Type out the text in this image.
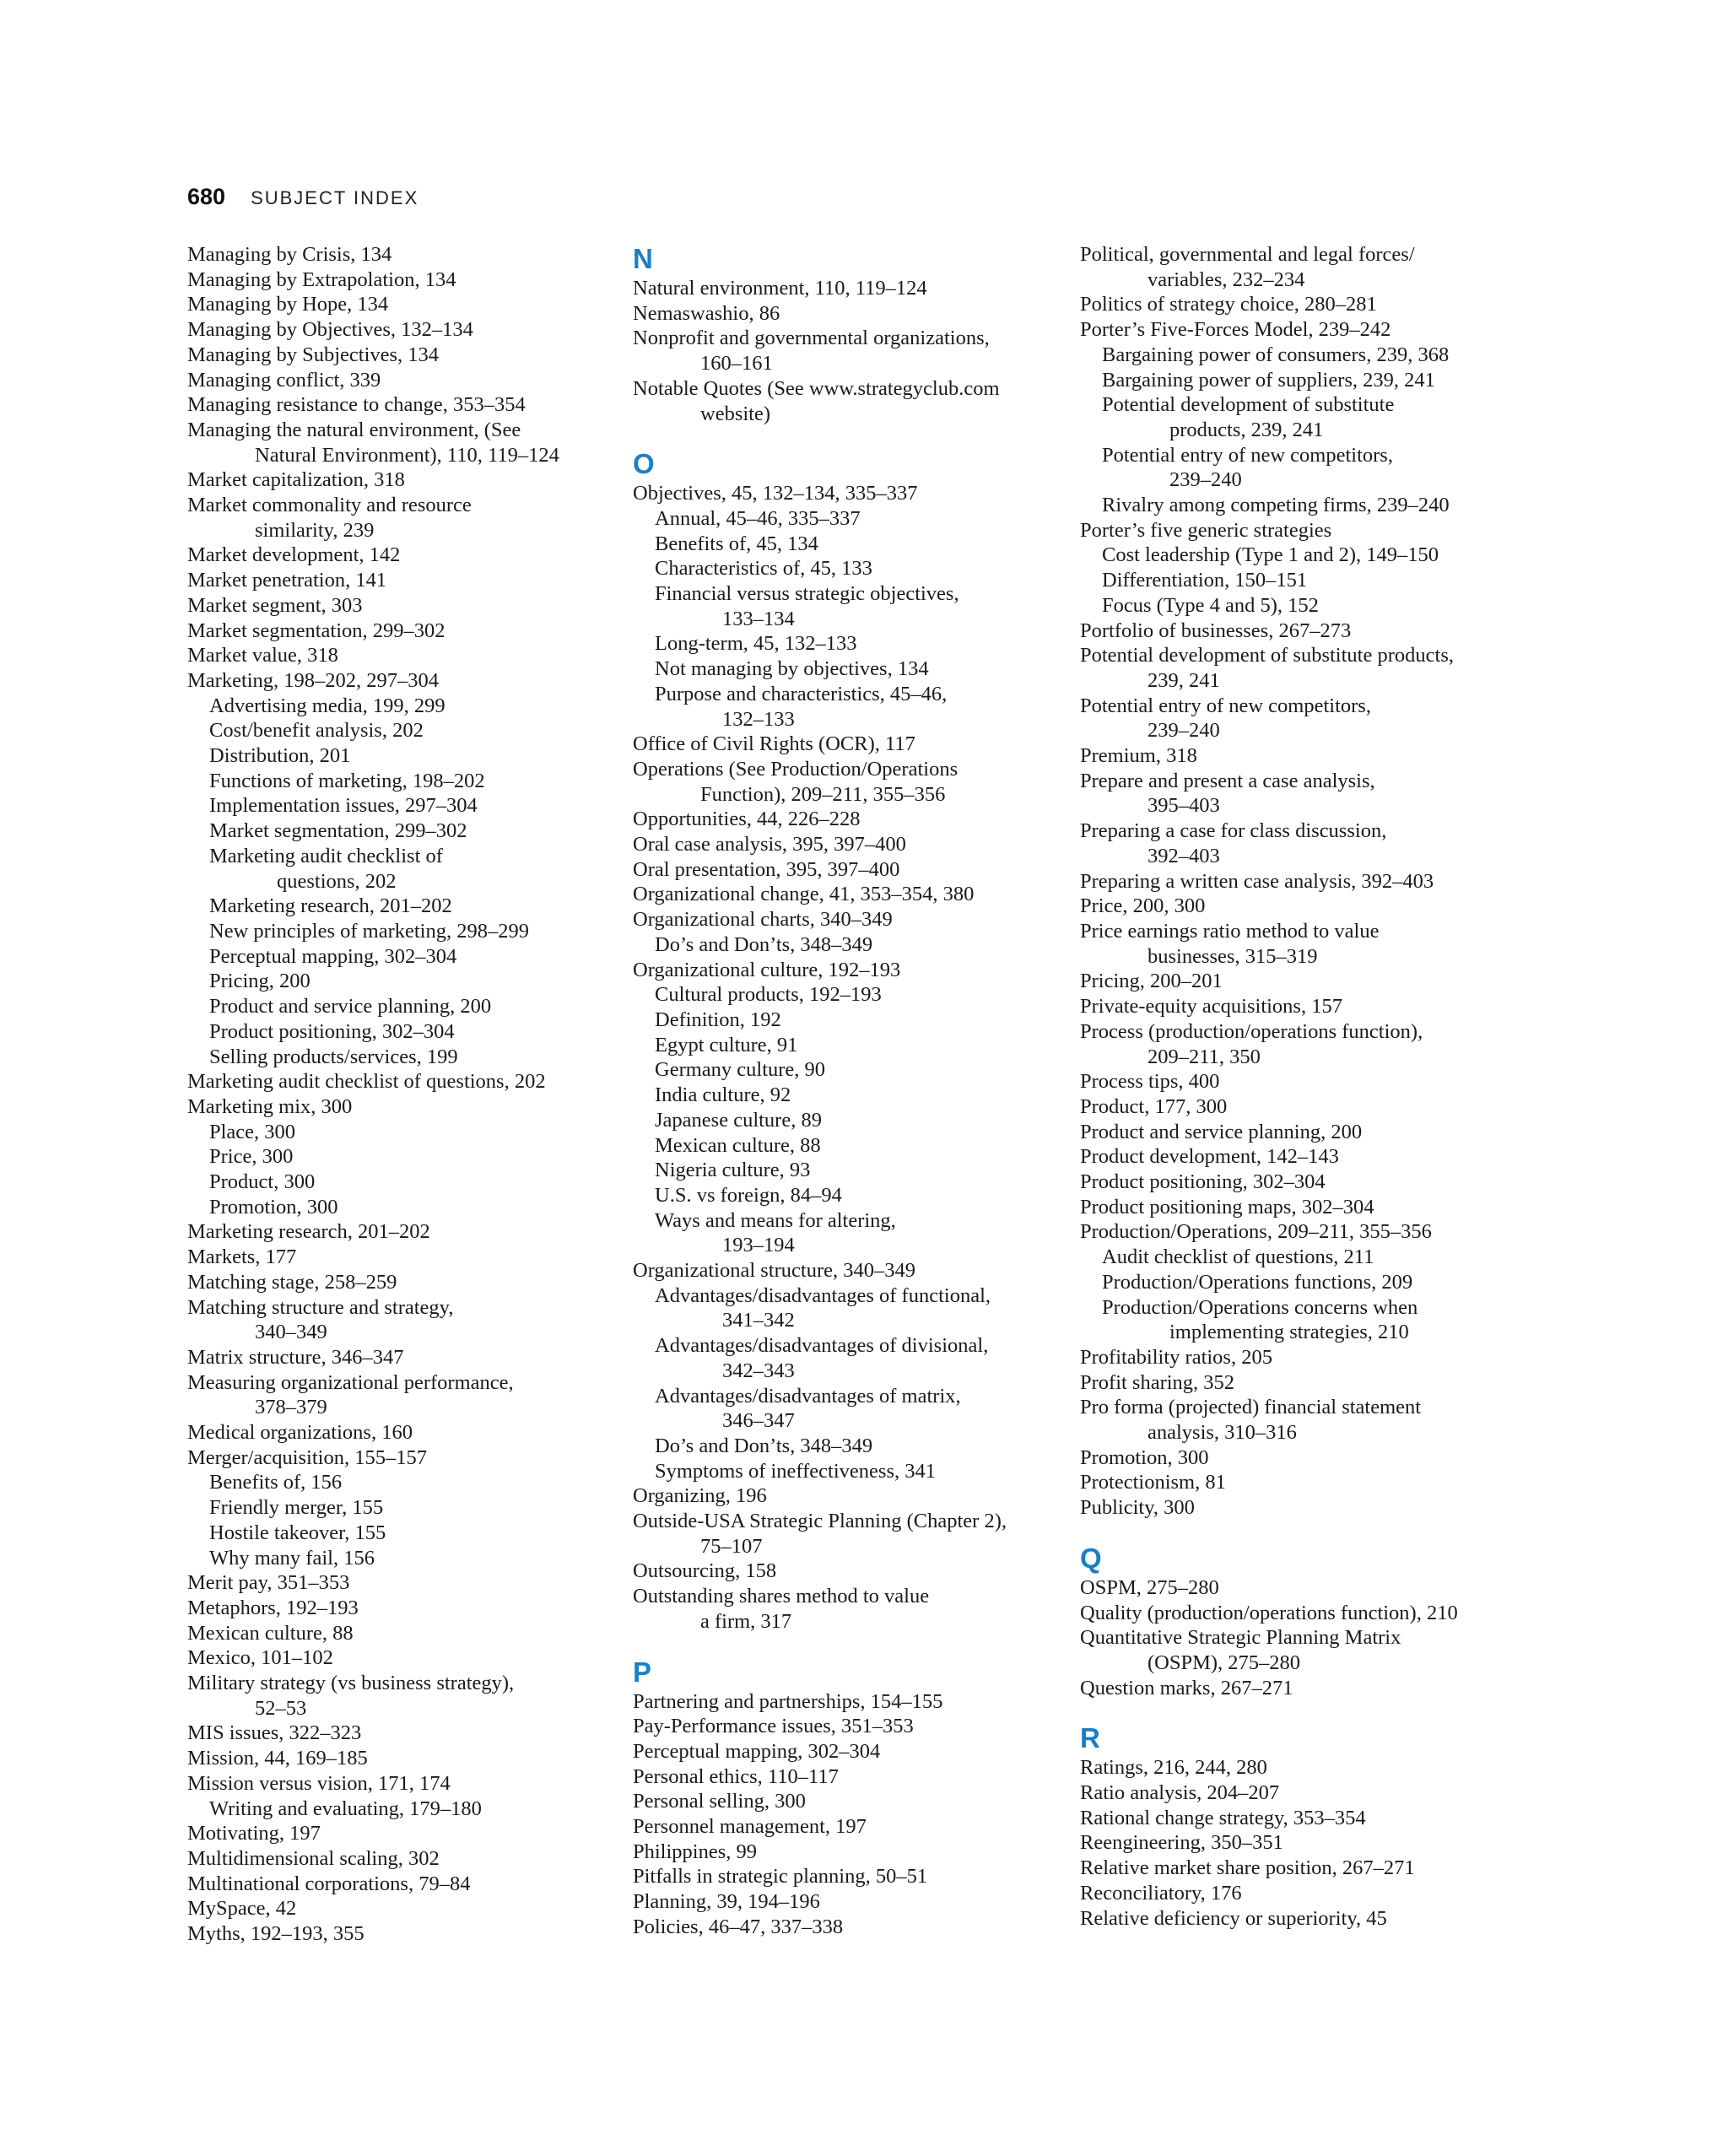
680 SUBJECT INDEX
Managing by Crisis, 134
Managing by Extrapolation, 134
Managing by Hope, 134
Managing by Objectives, 132–134
Managing by Subjectives, 134
Managing conflict, 339
Managing resistance to change, 353–354
Managing the natural environment, (See
Natural Environment), 110, 119–124
Market capitalization, 318
Market commonality and resource
similarity, 239
Market development, 142
Market penetration, 141
Market segment, 303
Market segmentation, 299–302
Market value, 318
Marketing, 198–202, 297–304
Advertising media, 199, 299
Cost/benefit analysis, 202
Distribution, 201
Functions of marketing, 198–202
Implementation issues, 297–304
Market segmentation, 299–302
Marketing audit checklist of
questions, 202
Marketing research, 201–202
New principles of marketing, 298–299
Perceptual mapping, 302–304
Pricing, 200
Product and service planning, 200
Product positioning, 302–304
Selling products/services, 199
Marketing audit checklist of questions, 202
Marketing mix, 300
Place, 300
Price, 300
Product, 300
Promotion, 300
Marketing research, 201–202
Markets, 177
Matching stage, 258–259
Matching structure and strategy,
340–349
Matrix structure, 346–347
Measuring organizational performance,
378–379
Medical organizations, 160
Merger/acquisition, 155–157
Benefits of, 156
Friendly merger, 155
Hostile takeover, 155
Why many fail, 156
Merit pay, 351–353
Metaphors, 192–193
Mexican culture, 88
Mexico, 101–102
Military strategy (vs business strategy),
52–53
MIS issues, 322–323
Mission, 44, 169–185
Mission versus vision, 171, 174
Writing and evaluating, 179–180
Motivating, 197
Multidimensional scaling, 302
Multinational corporations, 79–84
MySpace, 42
Myths, 192–193, 355
N
Natural environment, 110, 119–124
Nemaswashio, 86
Nonprofit and governmental organizations,
160–161
Notable Quotes (See www.strategyclub.com
website)
O
Objectives, 45, 132–134, 335–337
Annual, 45–46, 335–337
Benefits of, 45, 134
Characteristics of, 45, 133
Financial versus strategic objectives,
133–134
Long-term, 45, 132–133
Not managing by objectives, 134
Purpose and characteristics, 45–46,
132–133
Office of Civil Rights (OCR), 117
Operations (See Production/Operations
Function), 209–211, 355–356
Opportunities, 44, 226–228
Oral case analysis, 395, 397–400
Oral presentation, 395, 397–400
Organizational change, 41, 353–354, 380
Organizational charts, 340–349
Do’s and Don’ts, 348–349
Organizational culture, 192–193
Cultural products, 192–193
Definition, 192
Egypt culture, 91
Germany culture, 90
India culture, 92
Japanese culture, 89
Mexican culture, 88
Nigeria culture, 93
U.S. vs foreign, 84–94
Ways and means for altering,
193–194
Organizational structure, 340–349
Advantages/disadvantages of functional,
341–342
Advantages/disadvantages of divisional,
342–343
Advantages/disadvantages of matrix,
346–347
Do’s and Don’ts, 348–349
Symptoms of ineffectiveness, 341
Organizing, 196
Outside-USA Strategic Planning (Chapter 2),
75–107
Outsourcing, 158
Outstanding shares method to value
a firm, 317
P
Partnering and partnerships, 154–155
Pay-Performance issues, 351–353
Perceptual mapping, 302–304
Personal ethics, 110–117
Personal selling, 300
Personnel management, 197
Philippines, 99
Pitfalls in strategic planning, 50–51
Planning, 39, 194–196
Policies, 46–47, 337–338
Political, governmental and legal forces/
variables, 232–234
Politics of strategy choice, 280–281
Porter’s Five-Forces Model, 239–242
Bargaining power of consumers, 239, 368
Bargaining power of suppliers, 239, 241
Potential development of substitute
products, 239, 241
Potential entry of new competitors,
239–240
Rivalry among competing firms, 239–240
Porter’s five generic strategies
Cost leadership (Type 1 and 2), 149–150
Differentiation, 150–151
Focus (Type 4 and 5), 152
Portfolio of businesses, 267–273
Potential development of substitute products,
239, 241
Potential entry of new competitors,
239–240
Premium, 318
Prepare and present a case analysis,
395–403
Preparing a case for class discussion,
392–403
Preparing a written case analysis, 392–403
Price, 200, 300
Price earnings ratio method to value
businesses, 315–319
Pricing, 200–201
Private-equity acquisitions, 157
Process (production/operations function),
209–211, 350
Process tips, 400
Product, 177, 300
Product and service planning, 200
Product development, 142–143
Product positioning, 302–304
Product positioning maps, 302–304
Production/Operations, 209–211, 355–356
Audit checklist of questions, 211
Production/Operations functions, 209
Production/Operations concerns when
implementing strategies, 210
Profitability ratios, 205
Profit sharing, 352
Pro forma (projected) financial statement
analysis, 310–316
Promotion, 300
Protectionism, 81
Publicity, 300
Q
OSPM, 275–280
Quality (production/operations function), 210
Quantitative Strategic Planning Matrix
(OSPM), 275–280
Question marks, 267–271
R
Ratings, 216, 244, 280
Ratio analysis, 204–207
Rational change strategy, 353–354
Reengineering, 350–351
Relative market share position, 267–271
Reconciliatory, 176
Relative deficiency or superiority, 45
